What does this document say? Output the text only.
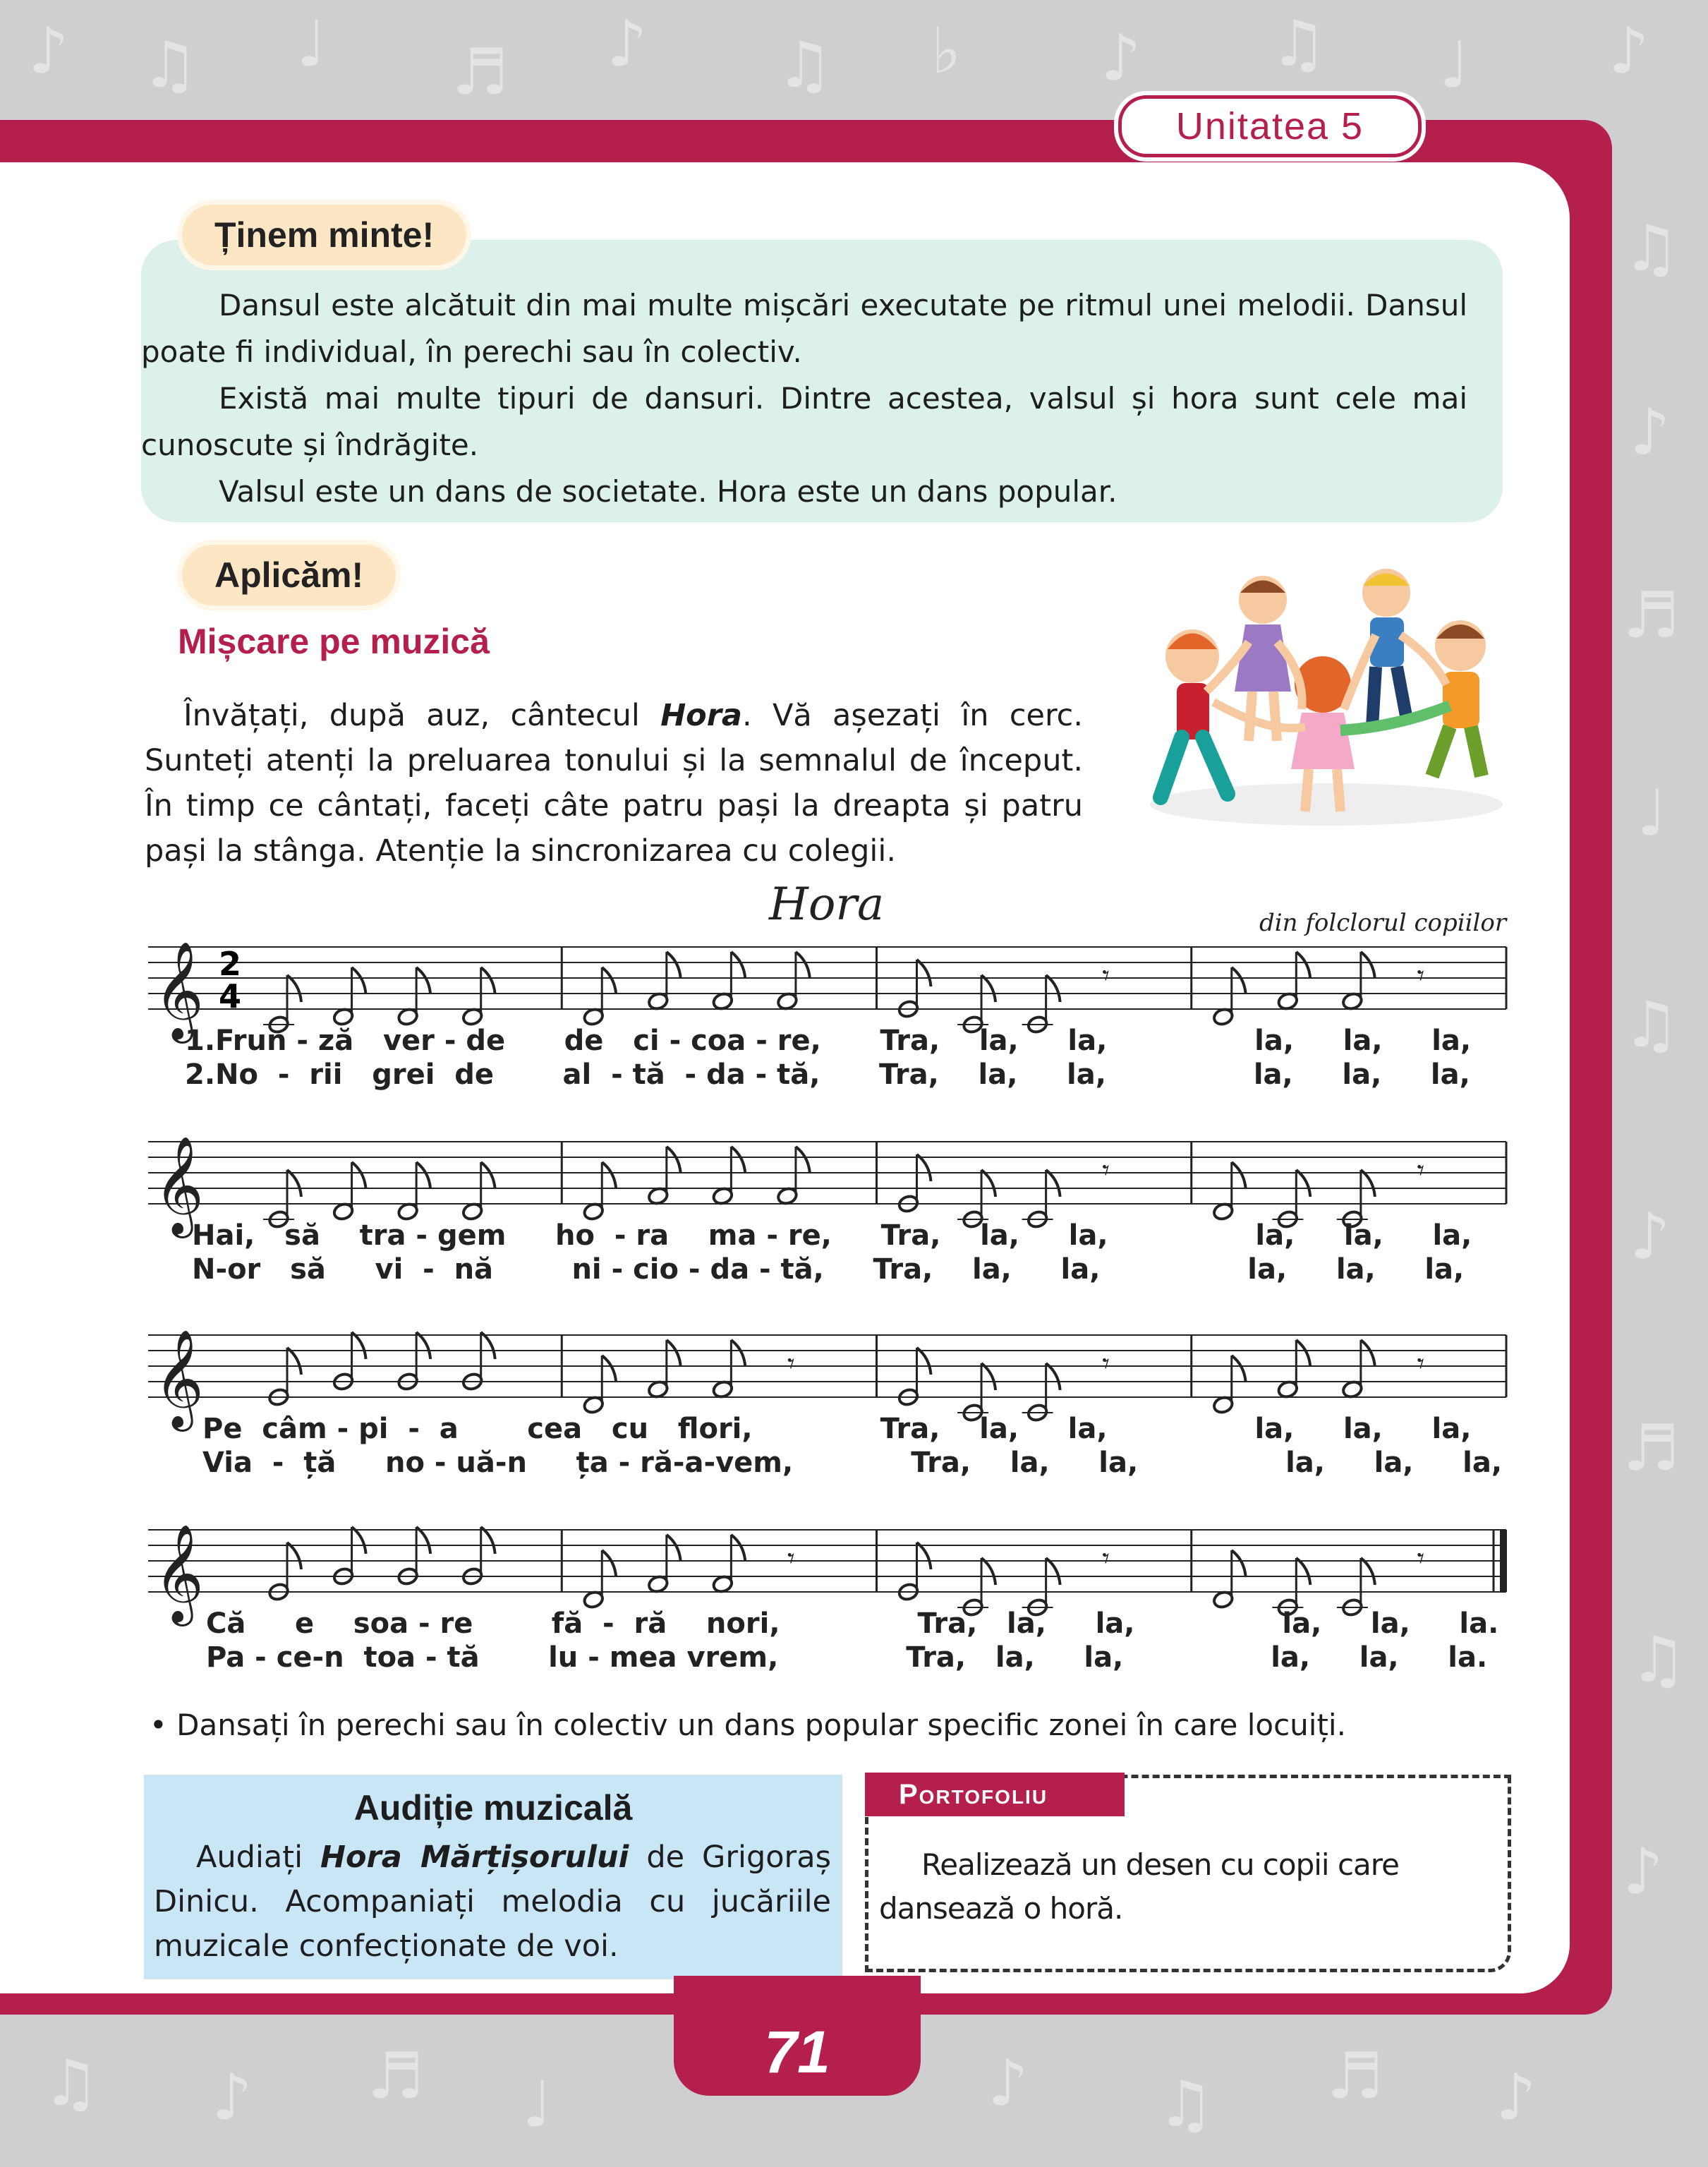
♪ ♫ ♩ ♬ ♪ ♫ ♭ ♪ ♫ ♩ ♪
♫
♪
♬
♩
♫
♪
♬
♫
♪
♫ ♪ ♬ ♩	♪ ♫ ♬ ♪
Unitatea 5
Ținem minte!

Dansul este alcătuit din mai multe mișcări executate pe ritmul unei melodii. Dansul poate fi individual, în perechi sau în colectiv.

Există mai multe tipuri de dansuri. Dintre acestea, valsul și hora sunt cele mai cunoscute și îndrăgite.

Valsul este un dans de societate. Hora este un dans popular.

Aplicăm!
Mișcare pe muzică
Învățați, după auz, cântecul Hora. Vă așezați în cerc. Sunteți atenți la preluarea tonului și la semnalul de început. În timp ce cântați, faceți câte patru pași la dreapta și patru pași la stânga. Atenție la sincronizarea cu colegii.
Hora	din folclorul copiilor
𝄞 2
4
𝄾	𝄾
𝄞	𝄾	𝄾
𝄞	𝄾	𝄾	𝄾
𝄞	𝄾	𝄾	𝄾
1.Frun - ză   ver - de      de   ci - coa - re,      Tra,    la,     la,               la,     la,     la,
2.No  -  rii   grei  de       al  - tă  - da - tă,      Tra,    la,     la,               la,     la,     la,
Hai,   să    tra - gem     ho  - ra    ma - re,     Tra,    la,     la,               la,     la,     la,
N-or   să     vi  -  nă        ni - cio - da - tă,     Tra,    la,     la,               la,     la,     la,
Pe  câm - pi  -  a       cea   cu   flori,             Tra,    la,     la,               la,     la,     la,
Via  -  ță     no - uă-n     ța - ră-a-vem,            Tra,    la,     la,               la,     la,     la,
Că     e    soa - re        fă  -  ră    nori,              Tra,   la,     la,               la,     la,     la.
Pa - ce-n  toa - tă       lu - mea vrem,             Tra,   la,     la,               la,     la,     la.
• Dansați în perechi sau în colectiv un dans popular specific zonei în care locuiți.
Audiție muzicală
Audiați Hora Mărțișorului de Grigoraș Dinicu. Acompaniați melodia cu jucăriile muzicale confecționate de voi.
Portofoliu
Realizează un desen cu copii care dansează o horă.
71
